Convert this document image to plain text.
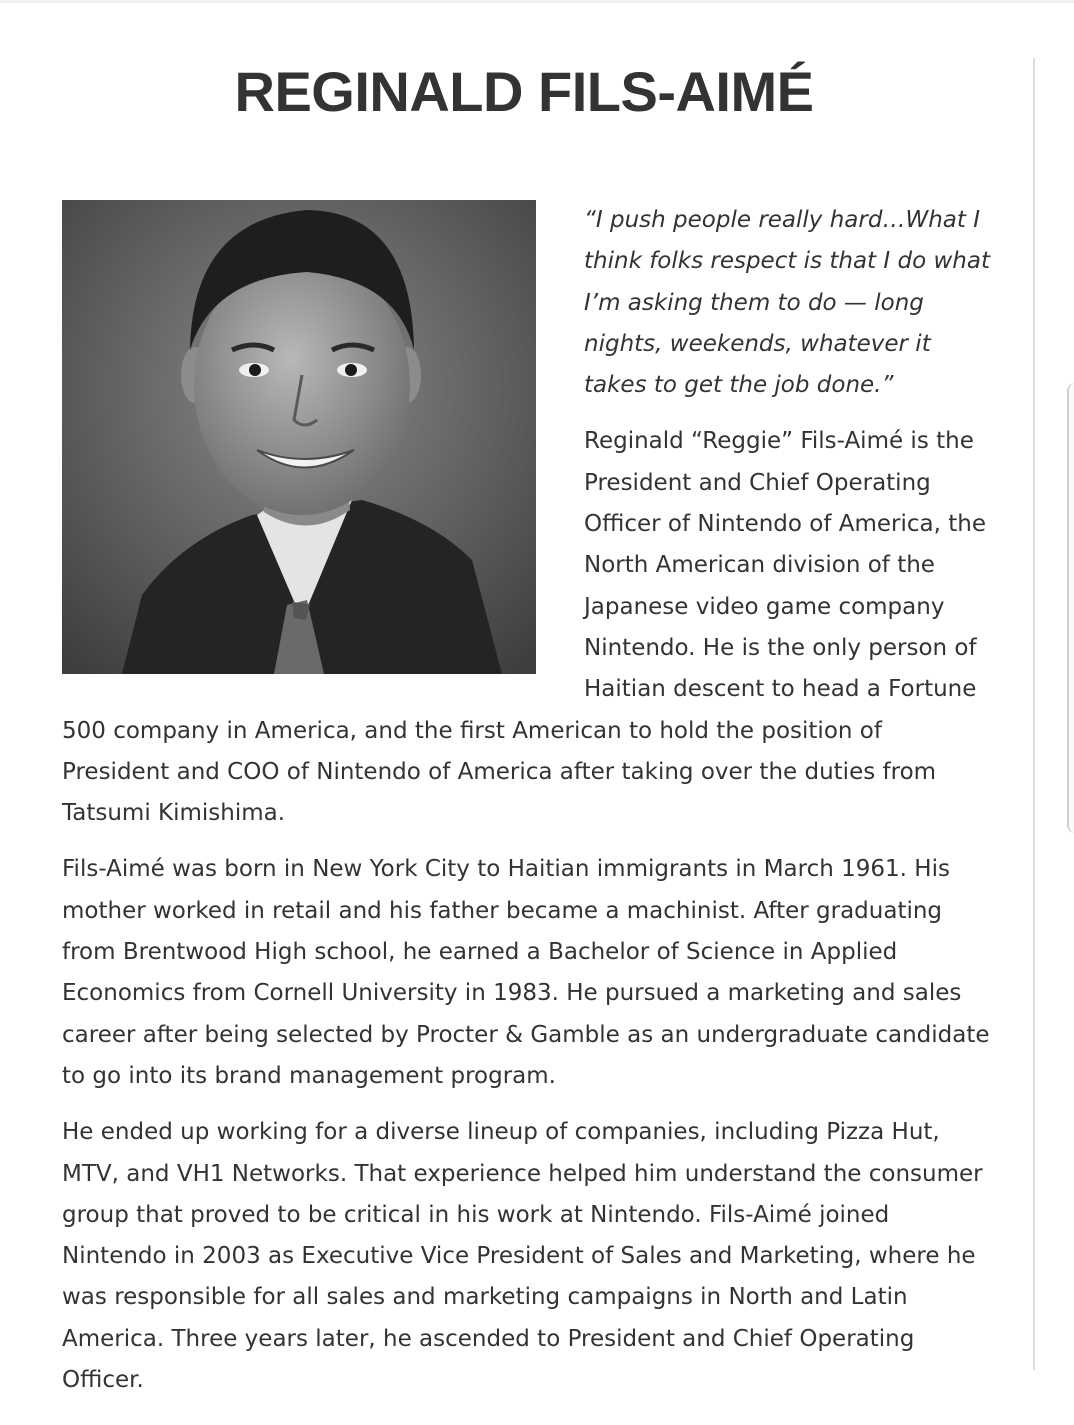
REGINALD FILS-AIMÉ

“I push people really hard…What I think folks respect is that I do what I’m asking them to do — long nights, weekends, whatever it takes to get the job done.”

Reginald “Reggie” Fils-Aimé is the President and Chief Operating Officer of Nintendo of America, the North American division of the Japanese video game company Nintendo. He is the only person of Haitian descent to head a Fortune 500 company in America, and the first American to hold the position of President and COO of Nintendo of America after taking over the duties from Tatsumi Kimishima.

Fils-Aimé was born in New York City to Haitian immigrants in March 1961. His mother worked in retail and his father became a machinist. After graduating from Brentwood High school, he earned a Bachelor of Science in Applied Economics from Cornell University in 1983. He pursued a marketing and sales career after being selected by Procter & Gamble as an undergraduate candidate to go into its brand management program.

He ended up working for a diverse lineup of companies, including Pizza Hut, MTV, and VH1 Networks. That experience helped him understand the consumer group that proved to be critical in his work at Nintendo. Fils-Aimé joined Nintendo in 2003 as Executive Vice President of Sales and Marketing, where he was responsible for all sales and marketing campaigns in North and Latin America. Three years later, he ascended to President and Chief Operating Officer.
